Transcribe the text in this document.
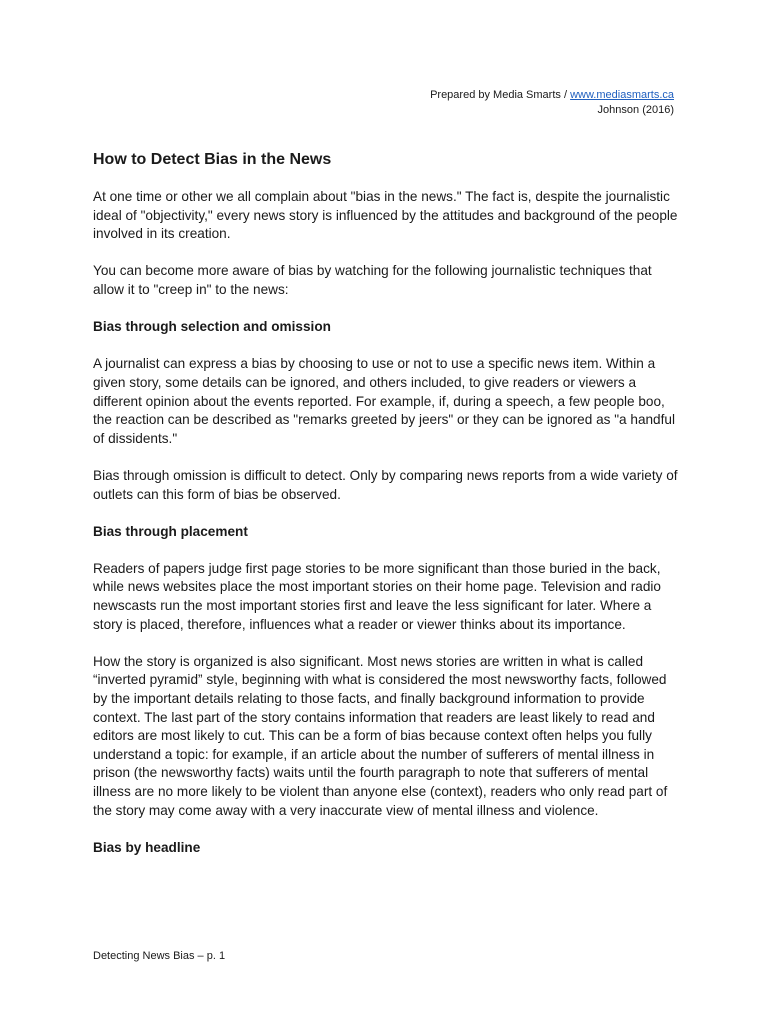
Prepared by Media Smarts / www.mediasmarts.ca
Johnson (2016)
How to Detect Bias in the News

At one time or other we all complain about "bias in the news." The fact is, despite the journalistic ideal of "objectivity," every news story is influenced by the attitudes and background of the people involved in its creation.

You can become more aware of bias by watching for the following journalistic techniques that allow it to "creep in" to the news:

Bias through selection and omission

A journalist can express a bias by choosing to use or not to use a specific news item. Within a given story, some details can be ignored, and others included, to give readers or viewers a different opinion about the events reported. For example, if, during a speech, a few people boo, the reaction can be described as "remarks greeted by jeers" or they can be ignored as "a handful of dissidents."

Bias through omission is difficult to detect. Only by comparing news reports from a wide variety of outlets can this form of bias be observed.

Bias through placement

Readers of papers judge first page stories to be more significant than those buried in the back, while news websites place the most important stories on their home page. Television and radio newscasts run the most important stories first and leave the less significant for later. Where a story is placed, therefore, influences what a reader or viewer thinks about its importance.

How the story is organized is also significant. Most news stories are written in what is called “inverted pyramid” style, beginning with what is considered the most newsworthy facts, followed by the important details relating to those facts, and finally background information to provide context. The last part of the story contains information that readers are least likely to read and editors are most likely to cut. This can be a form of bias because context often helps you fully understand a topic: for example, if an article about the number of sufferers of mental illness in prison (the newsworthy facts) waits until the fourth paragraph to note that sufferers of mental illness are no more likely to be violent than anyone else (context), readers who only read part of the story may come away with a very inaccurate view of mental illness and violence.

Bias by headline
Detecting News Bias – p. 1
